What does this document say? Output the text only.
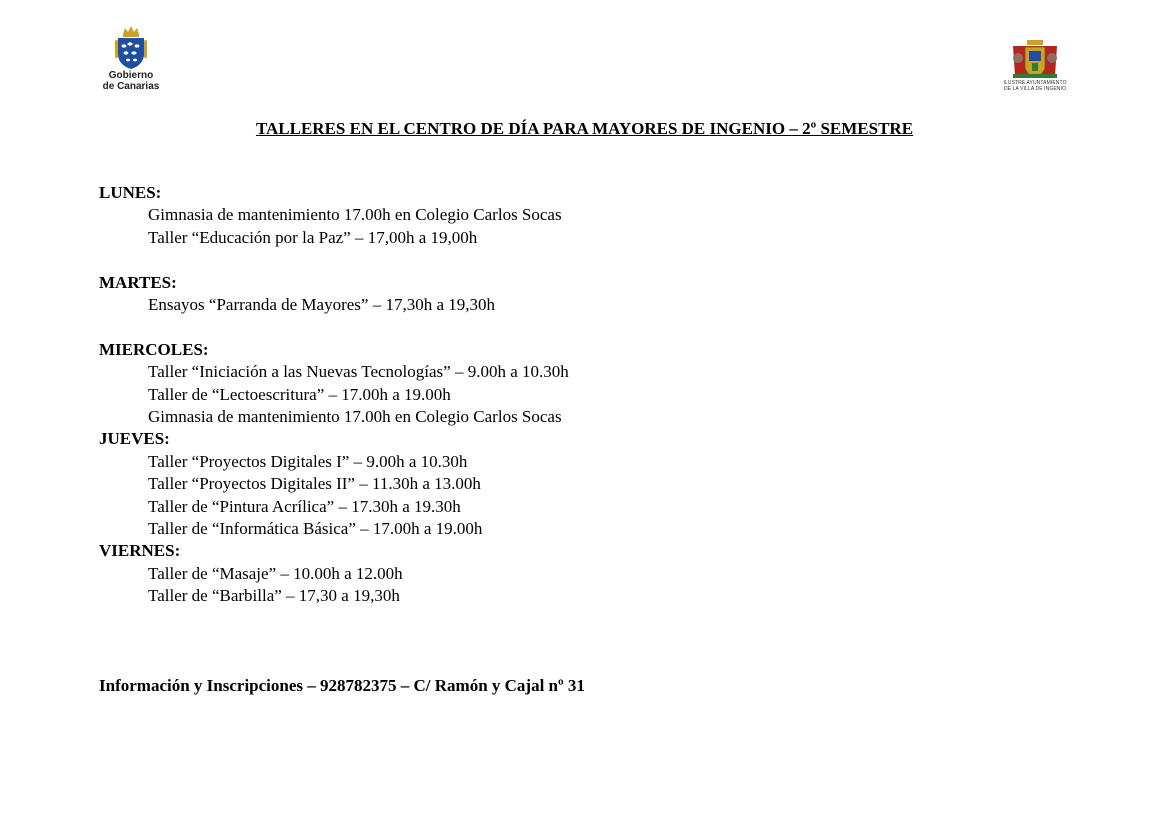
Gobierno
de Canarias	ILUSTRE AYUNTAMIENTO
DE LA VILLA DE INGENIO
TALLERES EN EL CENTRO DE DÍA PARA MAYORES DE INGENIO – 2º SEMESTRE
LUNES:
Gimnasia de mantenimiento 17.00h en Colegio Carlos Socas
Taller “Educación por la Paz” – 17,00h a 19,00h
MARTES:
Ensayos “Parranda de Mayores” – 17,30h a 19,30h
MIERCOLES:
Taller “Iniciación a las Nuevas Tecnologías” – 9.00h a 10.30h
Taller de “Lectoescritura” – 17.00h a 19.00h
Gimnasia de mantenimiento 17.00h en Colegio Carlos Socas
JUEVES:
Taller “Proyectos Digitales I” – 9.00h a 10.30h
Taller “Proyectos Digitales II” – 11.30h a 13.00h
Taller de “Pintura Acrílica” – 17.30h a 19.30h
Taller de “Informática Básica” – 17.00h a 19.00h
VIERNES:
Taller de “Masaje” – 10.00h a 12.00h
Taller de “Barbilla” – 17,30 a 19,30h
Información y Inscripciones – 928782375 – C/ Ramón y Cajal nº 31
